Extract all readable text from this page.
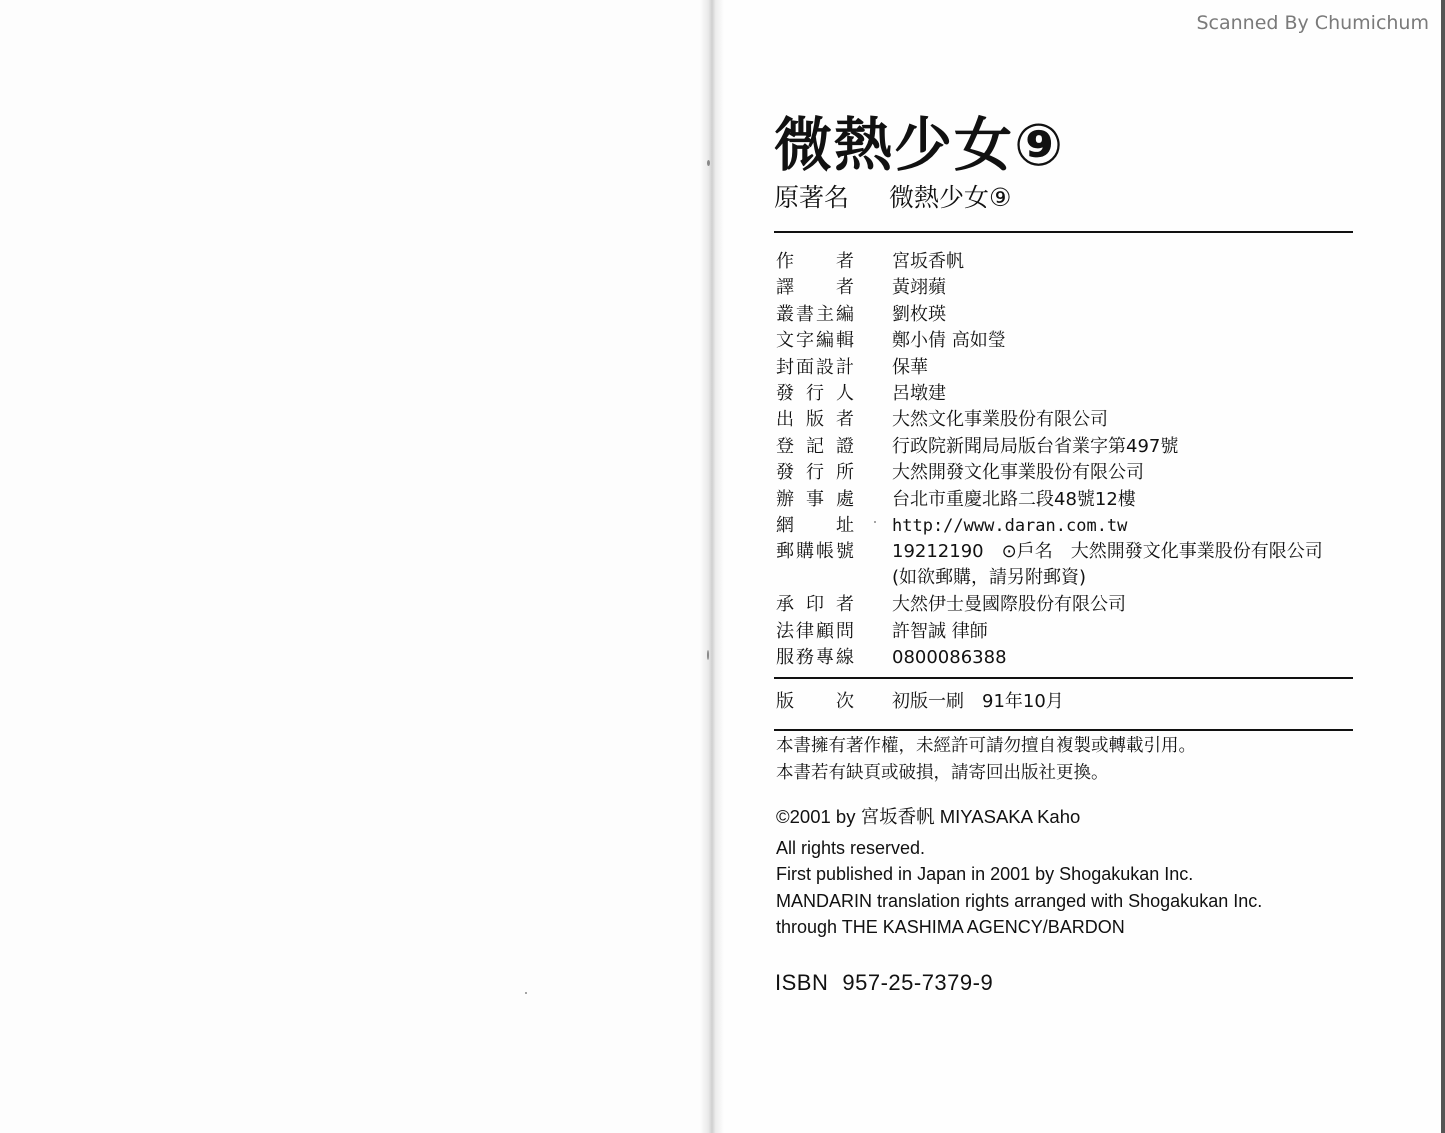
Scanned By Chumichum
微熱少女⑨
原著名 微熱少女⑨
作　者	宮坂香帆
譯　者	黃翊蘋
叢書主編	劉枚瑛
文字編輯	鄭小倩 高如瑩
封面設計	保華
發行人	呂墩建
出版者	大然文化事業股份有限公司
登記證	行政院新聞局局版台省業字第497號
發行所	大然開發文化事業股份有限公司
辦事處	台北市重慶北路二段48號12樓
網　址	http://www.daran.com.tw
郵購帳號	19212190　⊙戶名　大然開發文化事業股份有限公司
(如欲郵購，請另附郵資)
承印者	大然伊士曼國際股份有限公司
法律顧問	許智誠 律師
服務專線	0800086388
版　次	初版一刷　91年10月
本書擁有著作權，未經許可請勿擅自複製或轉載引用。
本書若有缺頁或破損，請寄回出版社更換。
©2001 by 宮坂香帆 MIYASAKA Kaho
All rights reserved.
First published in Japan in 2001 by Shogakukan Inc.
MANDARIN translation rights arranged with Shogakukan Inc.
through THE KASHIMA AGENCY/BARDON
ISBN 957-25-7379-9
